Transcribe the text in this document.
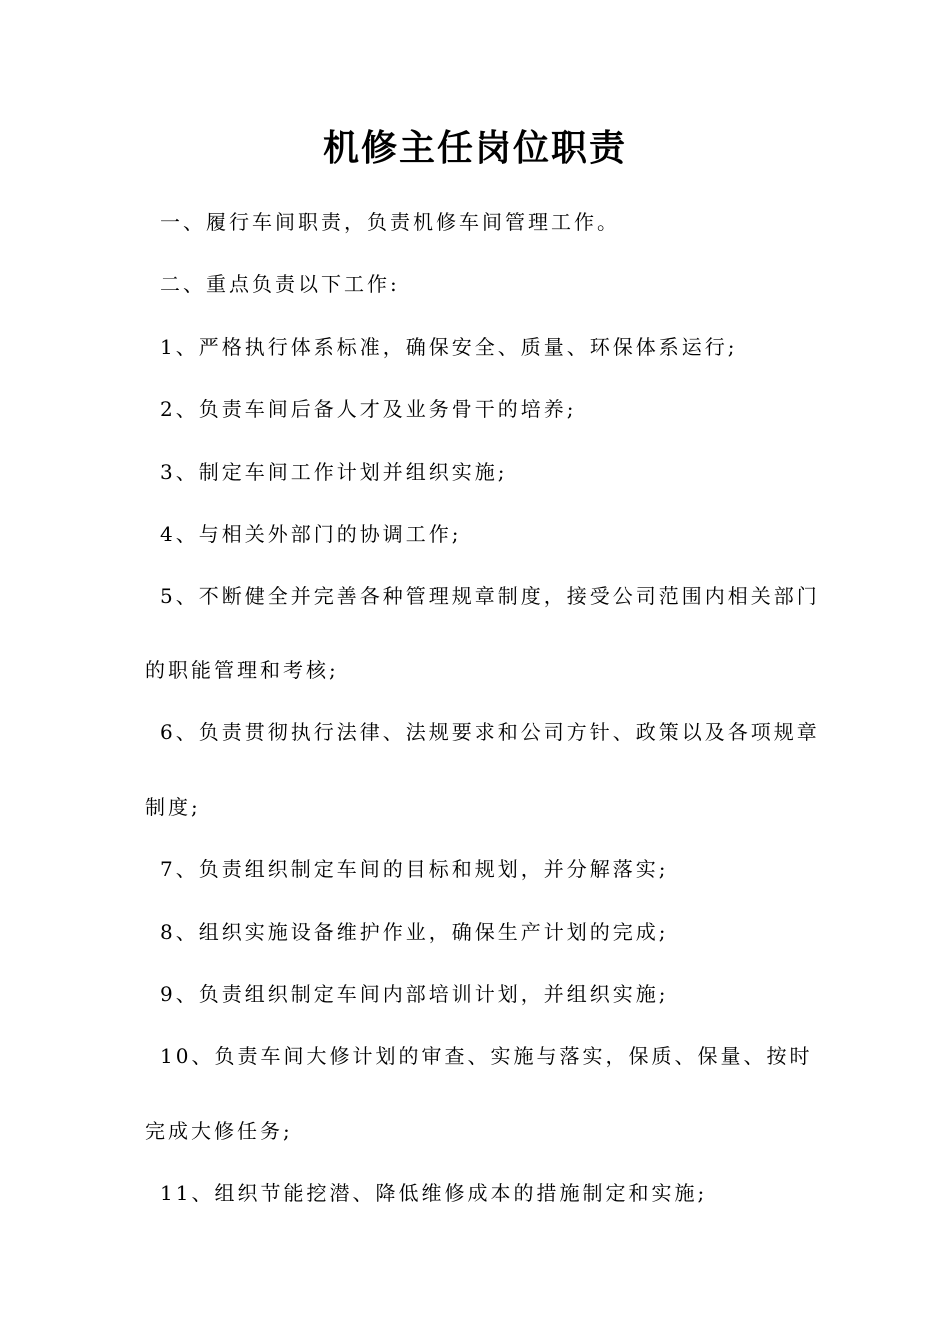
机修主任岗位职责
一、履行车间职责，负责机修车间管理工作。
二、重点负责以下工作:
1、严格执行体系标准，确保安全、质量、环保体系运行;
2、负责车间后备人才及业务骨干的培养;
3、制定车间工作计划并组织实施;
4、与相关外部门的协调工作;
5、不断健全并完善各种管理规章制度，接受公司范围内相关部门
的职能管理和考核;
6、负责贯彻执行法律、法规要求和公司方针、政策以及各项规章
制度;
7、负责组织制定车间的目标和规划，并分解落实;
8、组织实施设备维护作业，确保生产计划的完成;
9、负责组织制定车间内部培训计划，并组织实施;
10、负责车间大修计划的审查、实施与落实，保质、保量、按时
完成大修任务;
11、组织节能挖潜、降低维修成本的措施制定和实施;
